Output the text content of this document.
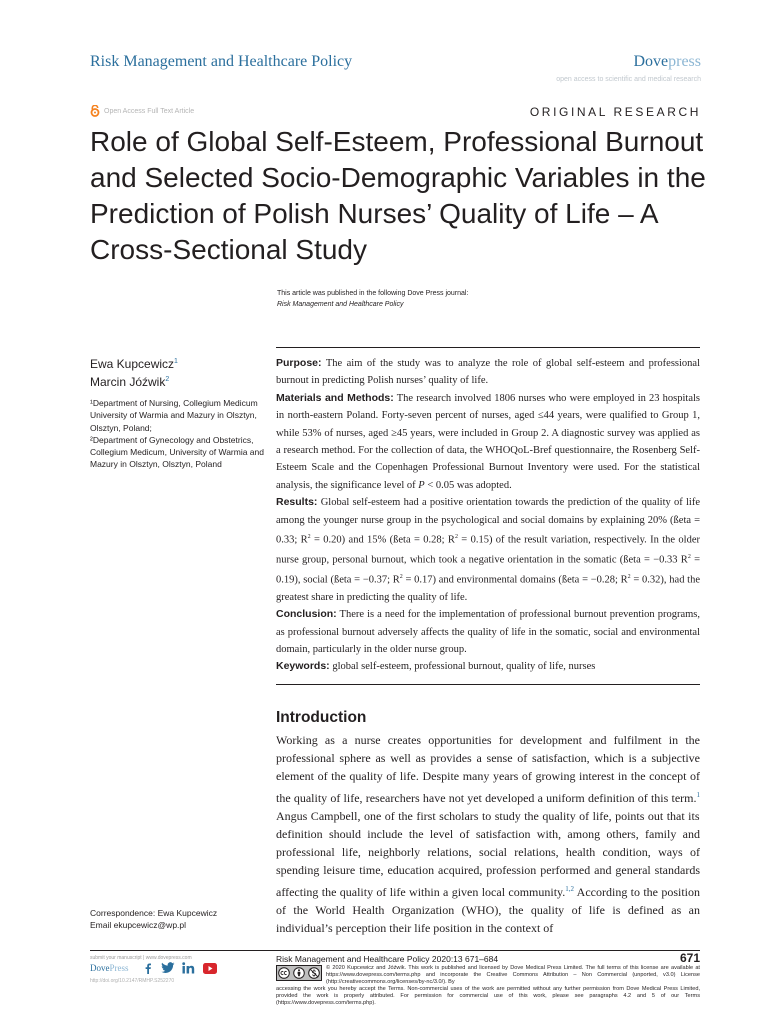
Risk Management and Healthcare Policy	Dovepress
open access to scientific and medical research
Open Access Full Text Article	ORIGINAL RESEARCH
Role of Global Self-Esteem, Professional Burnout and Selected Socio-Demographic Variables in the Prediction of Polish Nurses’ Quality of Life – A Cross-Sectional Study
This article was published in the following Dove Press journal:
Risk Management and Healthcare Policy
Ewa Kupcewicz$^1$
Marcin Jóźwik$^2$
¹Department of Nursing, Collegium Medicum University of Warmia and Mazury in Olsztyn, Olsztyn, Poland;
²Department of Gynecology and Obstetrics, Collegium Medicum, University of Warmia and Mazury in Olsztyn, Olsztyn, Poland

Purpose: The aim of the study was to analyze the role of global self-esteem and professional burnout in predicting Polish nurses’ quality of life.

Materials and Methods: The research involved 1806 nurses who were employed in 23 hospitals in north-eastern Poland. Forty-seven percent of nurses, aged ≤44 years, were qualified to Group 1, while 53% of nurses, aged ≥45 years, were included in Group 2. A diagnostic survey was applied as a research method. For the collection of data, the WHOQoL-Bref questionnaire, the Rosenberg Self-Esteem Scale and the Copenhagen Professional Burnout Inventory were used. For the statistical analysis, the significance level of P < 0.05 was adopted.

Results: Global self-esteem had a positive orientation towards the prediction of the quality of life among the younger nurse group in the psychological and social domains by explaining 20% (ßeta = 0.33; $R^2 = 0.20$) and 15% (ßeta = 0.28; $R^2 = 0.15$) of the result variation, respectively. In the older nurse group, personal burnout, which took a negative orientation in the somatic (ßeta = −0.33 $R^2 = 0.19$), social (ßeta = −0.37; $R^2 = 0.17$) and environmental domains (ßeta = −0.28; $R^2 = 0.32$), had the greatest share in predicting the quality of life.

Conclusion: There is a need for the implementation of professional burnout prevention programs, as professional burnout adversely affects the quality of life in the somatic, social and environmental domain, particularly in the older nurse group.

Keywords: global self-esteem, professional burnout, quality of life, nurses

Introduction

Working as a nurse creates opportunities for development and fulfilment in the professional sphere as well as provides a sense of satisfaction, which is a subjective element of the quality of life. Despite many years of growing interest in the concept of the quality of life, researchers have not yet developed a uniform definition of this term.$^1$ Angus Campbell, one of the first scholars to study the quality of life, points out that its definition should include the level of satisfaction with, among others, family and professional life, neighborly relations, social relations, health condition, ways of spending leisure time, education acquired, profession performed and general standards affecting the quality of life within a given local community.$^{1,2}$ According to the position of the World Health Organization (WHO), the quality of life is defined as an individual’s perception their life position in the context of

Correspondence: Ewa Kupcewicz
Email ekupcewicz@wp.pl
submit your manuscript | www.dovepress.com
DovePress
http://doi.org/10.2147/RMHP.S252270
Risk Management and Healthcare Policy 2020:13 671–684	671
© 2020 Kupcewicz and Jóźwik. This work is published and licensed by Dove Medical Press Limited. The full terms of this license are available at https://www.dovepress.com/terms.php and incorporate the Creative Commons Attribution – Non Commercial (unported, v3.0) License (http://creativecommons.org/licenses/by-nc/3.0/). By
accessing the work you hereby accept the Terms. Non-commercial uses of the work are permitted without any further permission from Dove Medical Press Limited, provided the work is properly attributed. For permission for commercial use of this work, please see paragraphs 4.2 and 5 of our Terms (https://www.dovepress.com/terms.php).
